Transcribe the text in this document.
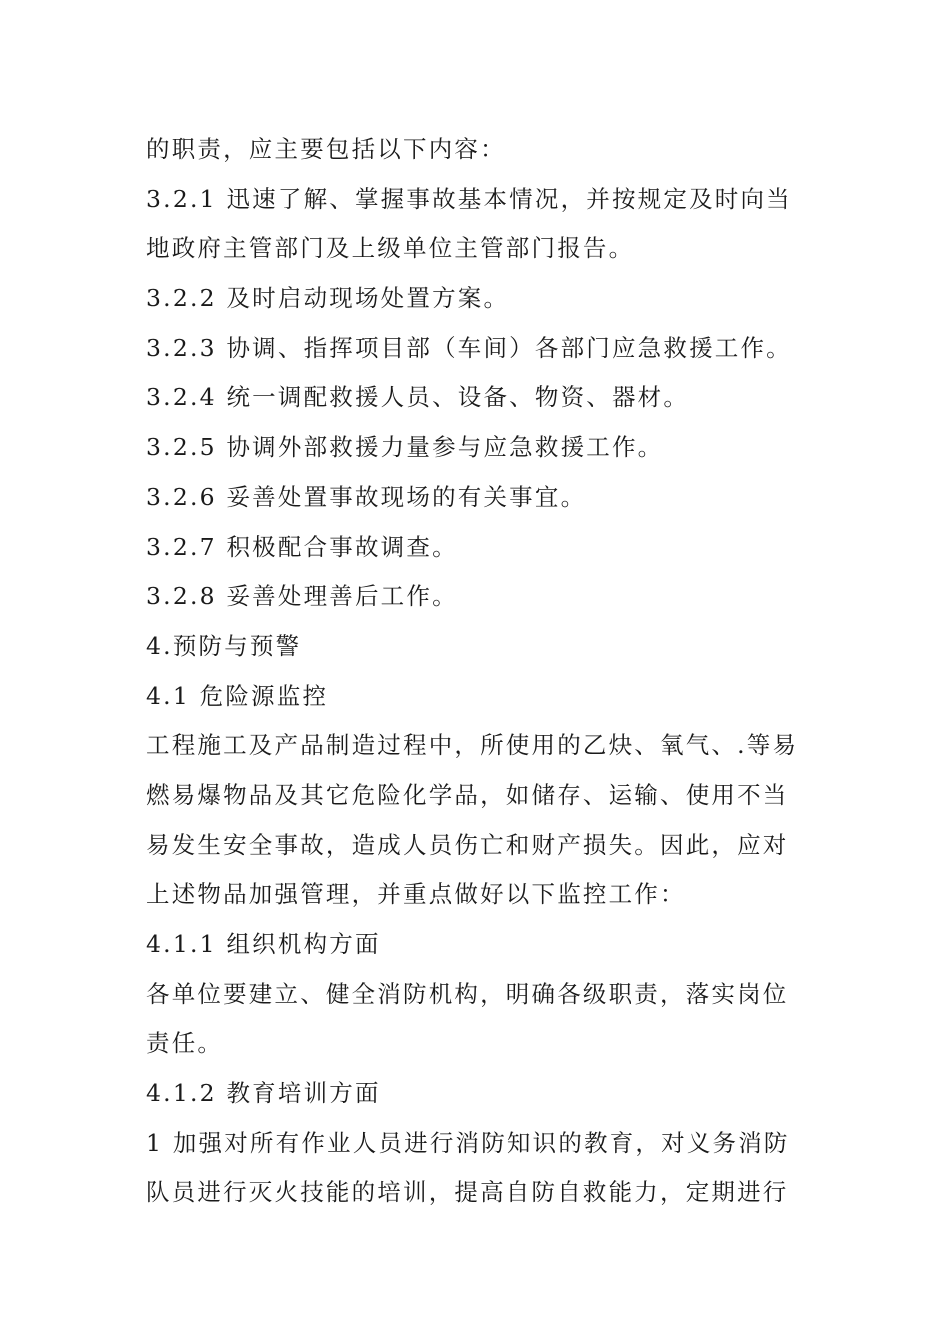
的职责，应主要包括以下内容：
3.2.1 迅速了解、掌握事故基本情况，并按规定及时向当
地政府主管部门及上级单位主管部门报告。
3.2.2 及时启动现场处置方案。
3.2.3 协调、指挥项目部（车间）各部门应急救援工作。
3.2.4 统一调配救援人员、设备、物资、器材。
3.2.5 协调外部救援力量参与应急救援工作。
3.2.6 妥善处置事故现场的有关事宜。
3.2.7 积极配合事故调查。
3.2.8 妥善处理善后工作。
4.预防与预警
4.1 危险源监控
工程施工及产品制造过程中，所使用的乙炔、氧气、.等易
燃易爆物品及其它危险化学品，如储存、运输、使用不当
易发生安全事故，造成人员伤亡和财产损失。因此，应对
上述物品加强管理，并重点做好以下监控工作：
4.1.1 组织机构方面
各单位要建立、健全消防机构，明确各级职责，落实岗位
责任。
4.1.2 教育培训方面
1 加强对所有作业人员进行消防知识的教育，对义务消防
队员进行灭火技能的培训，提高自防自救能力，定期进行
